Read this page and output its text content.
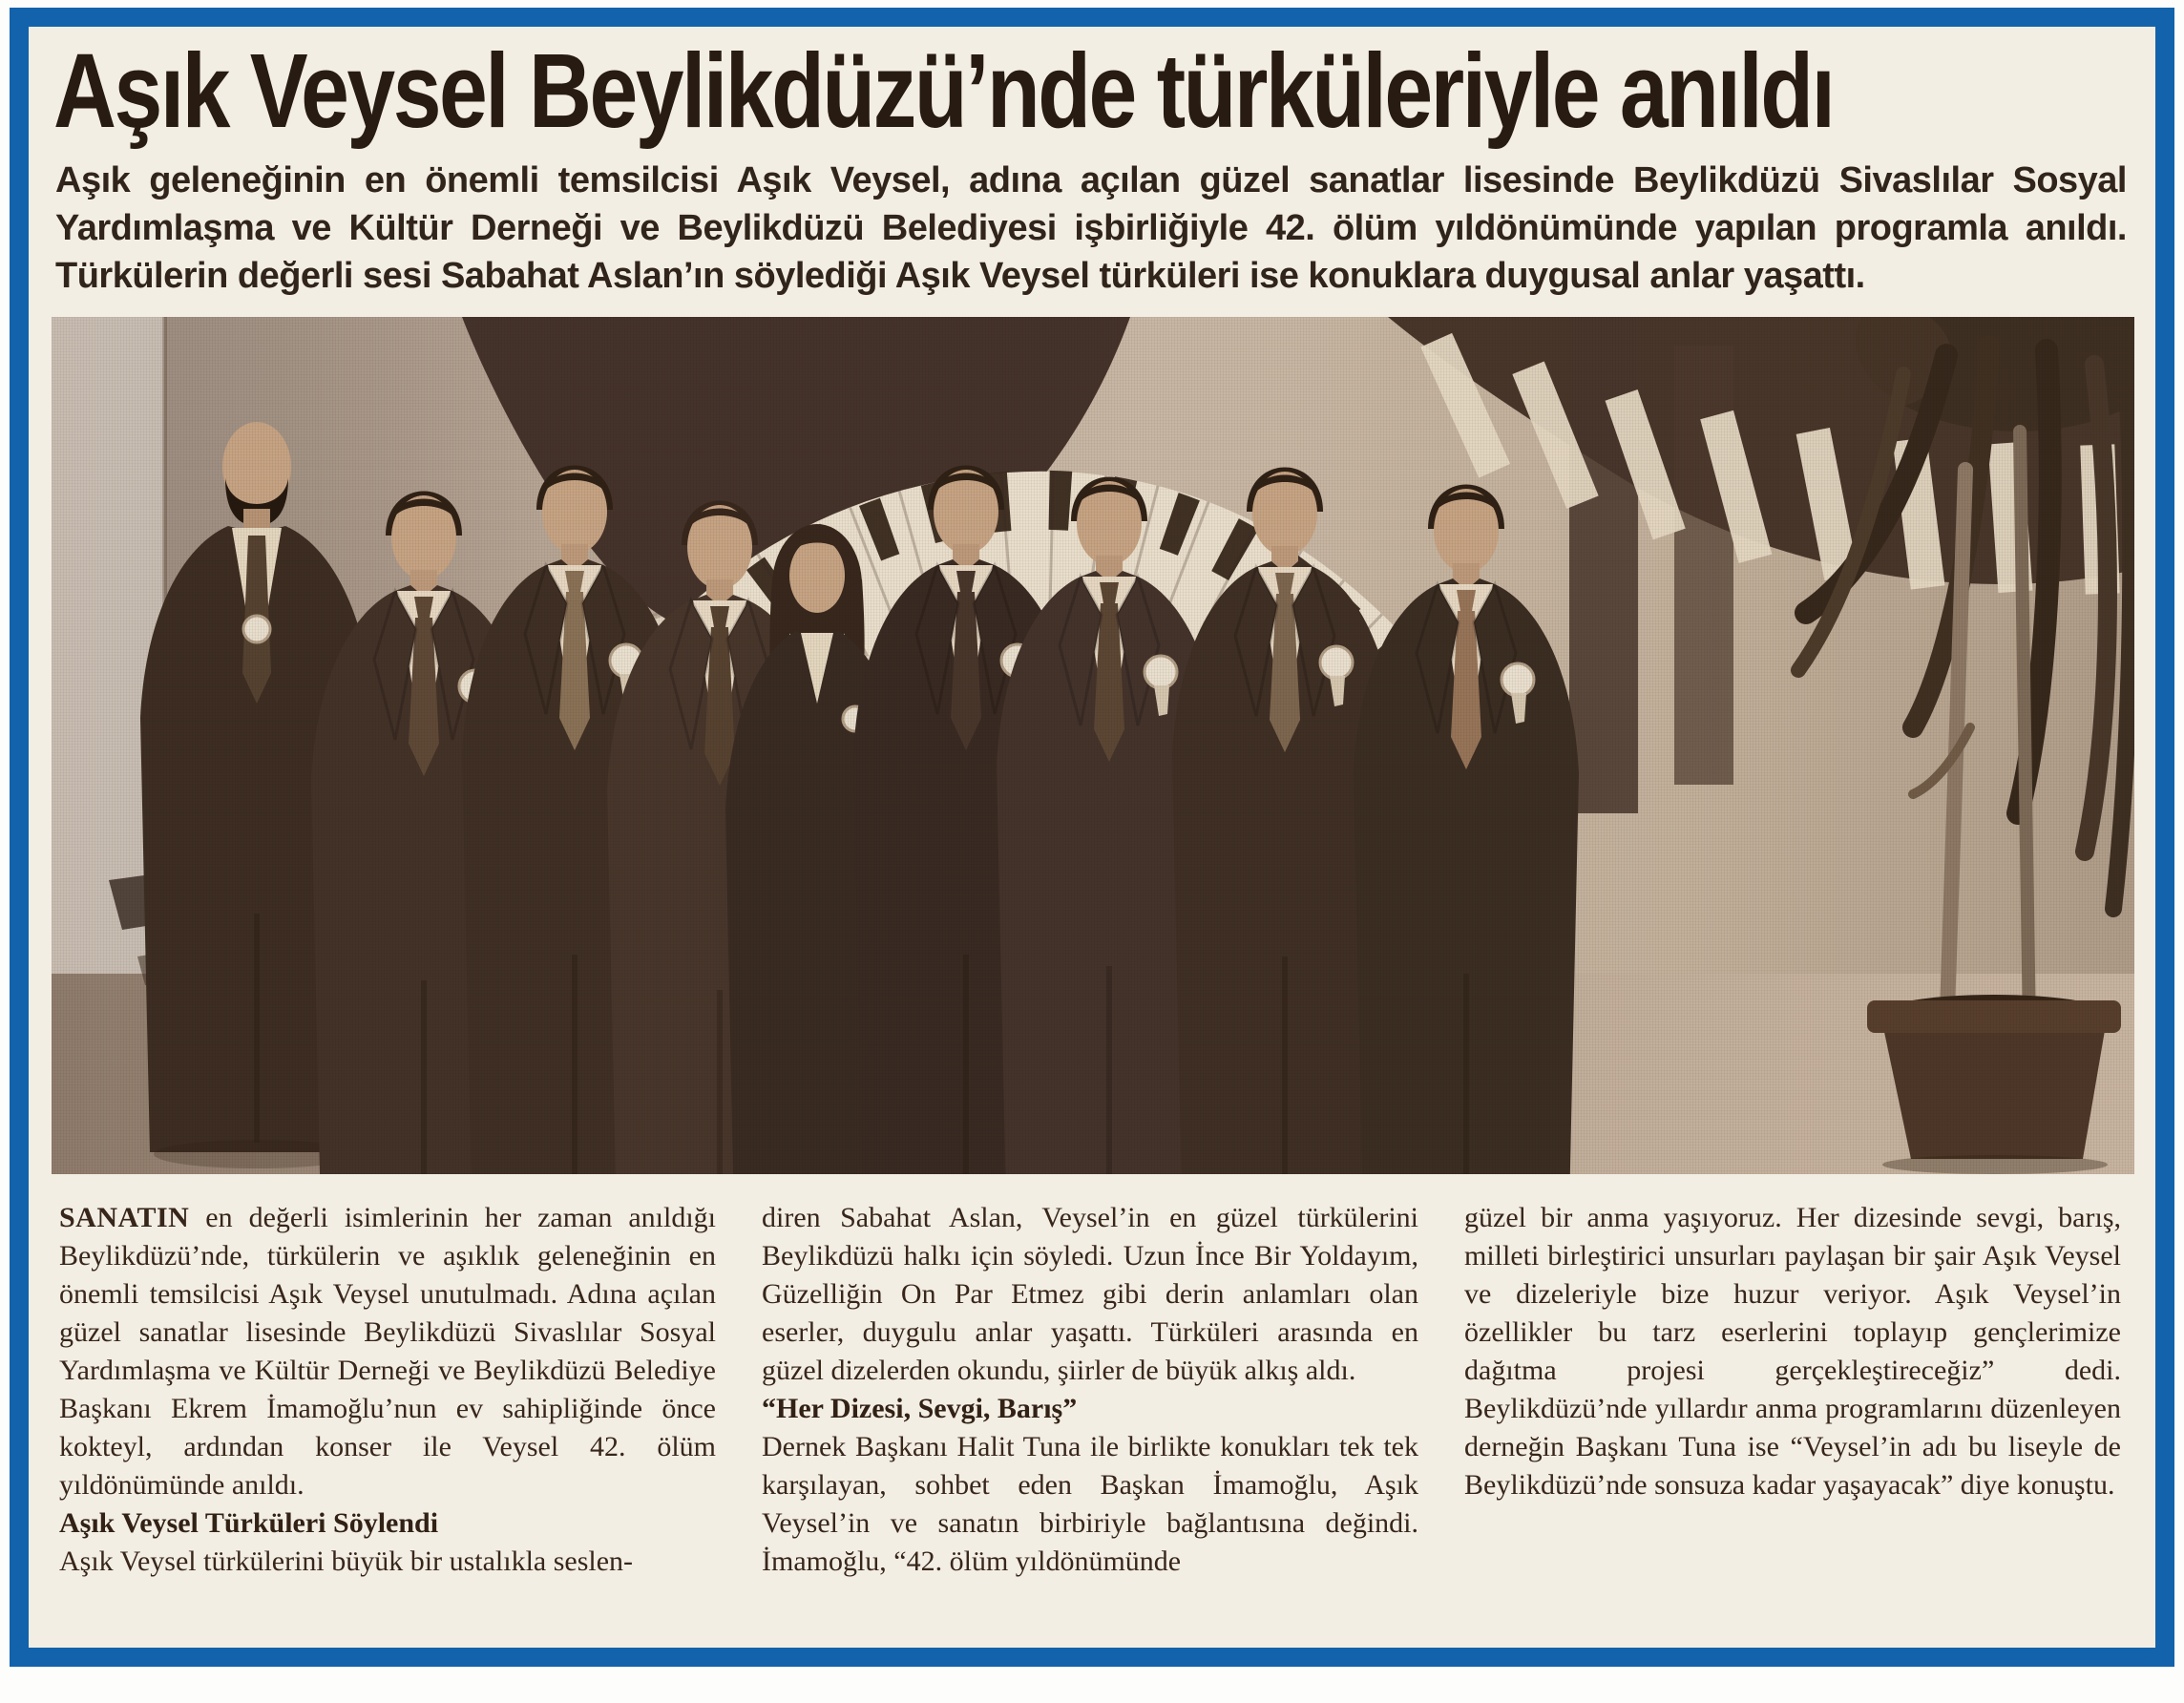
Aşık Veysel Beylikdüzü’nde türküleriyle anıldı

Aşık geleneğinin en önemli temsilcisi Aşık Veysel, adına açılan güzel sanatlar lisesinde Beylikdüzü Sivaslılar Sosyal Yardımlaşma ve Kültür Derneği ve Beylikdüzü Belediyesi işbirliğiyle 42. ölüm yıldönümünde yapılan programla anıldı. Türkülerin değerli sesi Sabahat Aslan’ın söylediği Aşık Veysel türküleri ise konuklara duygusal anlar yaşattı.

SANATIN en değerli isimlerinin her zaman anıldığı Beylikdüzü’nde, türkülerin ve aşıklık geleneğinin en önemli temsilcisi Aşık Veysel unutulmadı. Adına açılan güzel sanatlar lisesinde Beylikdüzü Sivaslılar Sosyal Yardımlaşma ve Kültür Derneği ve Beylikdüzü Belediye Başkanı Ekrem İmamoğlu’nun ev sahipliğinde önce kokteyl, ardından konser ile Veysel 42. ölüm yıldönümünde anıldı.

Aşık Veysel Türküleri Söylendi

Aşık Veysel türkülerini büyük bir ustalıkla seslen-

diren Sabahat Aslan, Veysel’in en güzel türkülerini Beylikdüzü halkı için söyledi. Uzun İnce Bir Yoldayım, Güzelliğin On Par Etmez gibi derin anlamları olan eserler, duygulu anlar yaşattı. Türküleri arasında en güzel dizelerden okundu, şiirler de büyük alkış aldı.

“Her Dizesi, Sevgi, Barış”

Dernek Başkanı Halit Tuna ile birlikte konukları tek tek karşılayan, sohbet eden Başkan İmamoğlu, Aşık Veysel’in ve sanatın birbiriyle bağlantısına değindi. İmamoğlu, “42. ölüm yıldönümünde

güzel bir anma yaşıyoruz. Her dizesinde sevgi, barış, milleti birleştirici unsurları paylaşan bir şair Aşık Veysel ve dizeleriyle bize huzur veriyor. Aşık Veysel’in özellikler bu tarz eserlerini toplayıp gençlerimize dağıtma projesi gerçekleştireceğiz” dedi. Beylikdüzü’nde yıllardır anma programlarını düzenleyen derneğin Başkanı Tuna ise “Veysel’in adı bu liseyle de Beylikdüzü’nde sonsuza kadar yaşayacak” diye konuştu.
